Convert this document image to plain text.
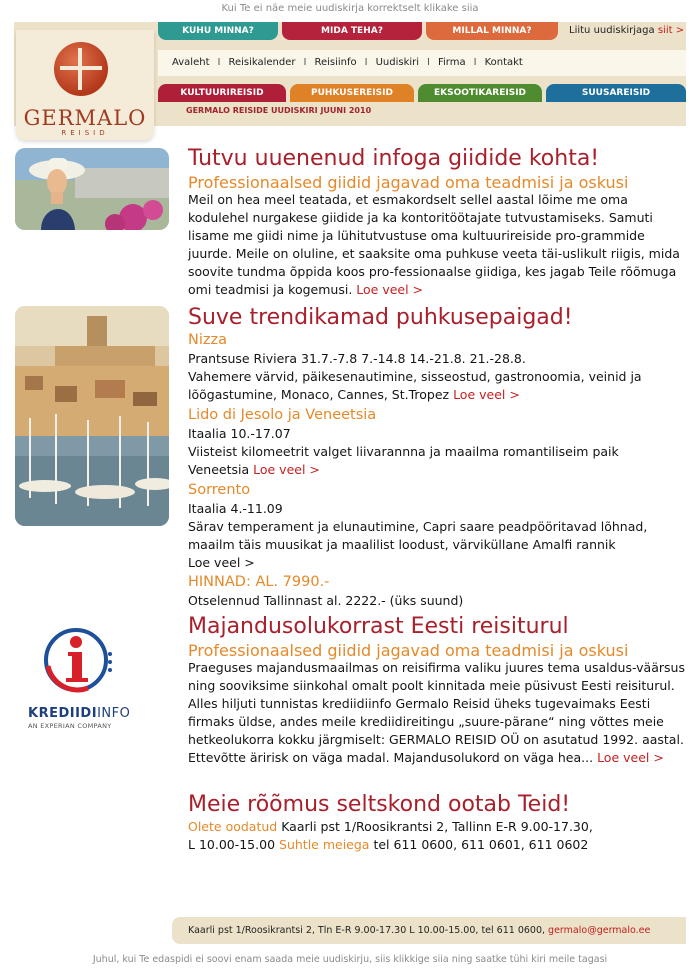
Kui Te ei näe meie uudiskirja korrektselt klikake siia
GERMALO
REISID
KUHU MINNA?	MIDA TEHA?	MILLAL MINNA?	Liitu uudiskirjaga siit >
Avaleht I Reisikalender I Reisiinfo I Uudiskiri I Firma I Kontakt
KULTUURIREISID	PUHKUSEREISID	EKSOOTIKAREISID	SUUSAREISID
GERMALO REISIDE UUDISKIRI JUUNI 2010
Tutvu uuenenud infoga giidide kohta!
Professionaalsed giidid jagavad oma teadmisi ja oskusi
Meil on hea meel teatada, et esmakordselt sellel aastal lõime me oma kodulehel nurgakese giidide ja ka kontoritöötajate tutvustamiseks. Samuti lisame me giidi nime ja lühitutvustuse oma kultuurireiside pro-grammide juurde. Meile on oluline, et saaksite oma puhkuse veeta täi-uslikult riigis, mida soovite tundma õppida koos pro-fessionaalse giidiga, kes jagab Teile rõõmuga omi teadmisi ja kogemusi. Loe veel >
Suve trendikamad puhkusepaigad!
Nizza
Prantsuse Riviera 31.7.-7.8 7.-14.8 14.-21.8. 21.-28.8.
Vahemere värvid, päikesenautimine, sisseostud, gastronoomia, veinid ja
lõõgastumine, Monaco, Cannes, St.Tropez Loe veel >
Lido di Jesolo ja Veneetsia
Itaalia 10.-17.07
Viisteist kilomeetrit valget liivarannna ja maailma romantiliseim paik
Veneetsia Loe veel >
Sorrento
Itaalia 4.-11.09
Särav temperament ja elunautimine, Capri saare peadpööritavad lõhnad,
maailm täis muusikat ja maalilist loodust, värviküllane Amalfi rannik
Loe veel >
HINNAD: AL. 7990.-
Otselennud Tallinnast al. 2222.- (üks suund)
KREDIIDIINFO
AN EXPERIAN COMPANY
Majandusolukorrast Eesti reisiturul
Professionaalsed giidid jagavad oma teadmisi ja oskusi
Praeguses majandusmaailmas on reisifirma valiku juures tema usaldus-väärsus ning sooviksime siinkohal omalt poolt kinnitada meie püsivust Eesti reisiturul. Alles hiljuti tunnistas krediidiinfo Germalo Reisid üheks tugevaimaks Eesti firmaks üldse, andes meile krediidireitingu „suure-pärane“ ning võttes meie hetkeolukorra kokku järgmiselt: GERMALO REISID OÜ on asutatud 1992. aastal. Ettevõtte äririsk on väga madal. Majandusolukord on väga hea... Loe veel >
Meie rõõmus seltskond ootab Teid!
Olete oodatud Kaarli pst 1/Roosikrantsi 2, Tallinn E-R 9.00-17.30,
L 10.00-15.00 Suhtle meiega tel 611 0600, 611 0601, 611 0602
Kaarli pst 1/Roosikrantsi 2, Tln E-R 9.00-17.30 L 10.00-15.00, tel 611 0600, germalo@germalo.ee
Juhul, kui Te edaspidi ei soovi enam saada meie uudiskirju, siis klikkige siia ning saatke tühi kiri meile tagasi
